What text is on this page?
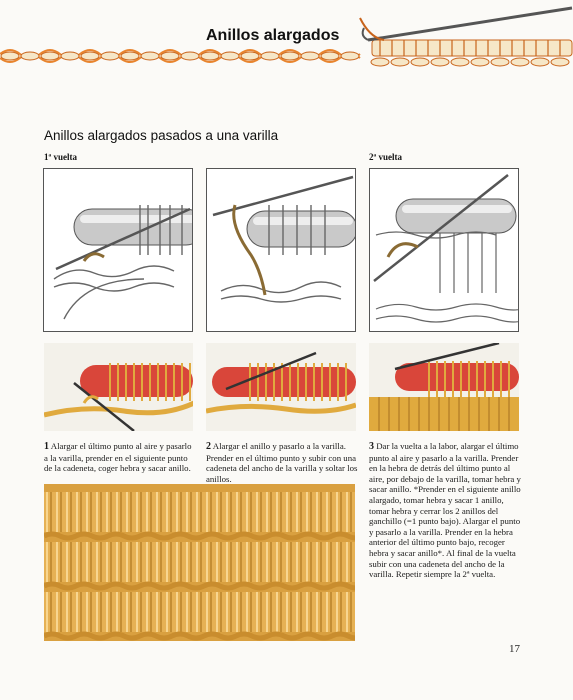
Anillos alargados
Anillos alargados pasados a una varilla
1ª vuelta	2ª vuelta
1 Alargar el último punto al aire y pasarlo a la varilla, prender en el siguiente punto de la cadeneta, coger hebra y sacar anillo.
2 Alargar el anillo y pasarlo a la varilla. Prender en el último punto y subir con una cadeneta del ancho de la varilla y soltar los anillos.
3 Dar la vuelta a la labor, alargar el último punto al aire y pasarlo a la varilla. Prender en la hebra de detrás del último punto al aire, por debajo de la varilla, tomar hebra y sacar anillo. *Prender en el siguiente anillo alargado, tomar hebra y sacar 1 anillo, tomar hebra y cerrar los 2 anillos del ganchillo (=1 punto bajo). Alargar el punto y pasarlo a la varilla. Prender en la hebra anterior del último punto bajo, recoger hebra y sacar anillo*. Al final de la vuelta subir con una cadeneta del ancho de la varilla. Repetir siempre la 2ª vuelta.
17
